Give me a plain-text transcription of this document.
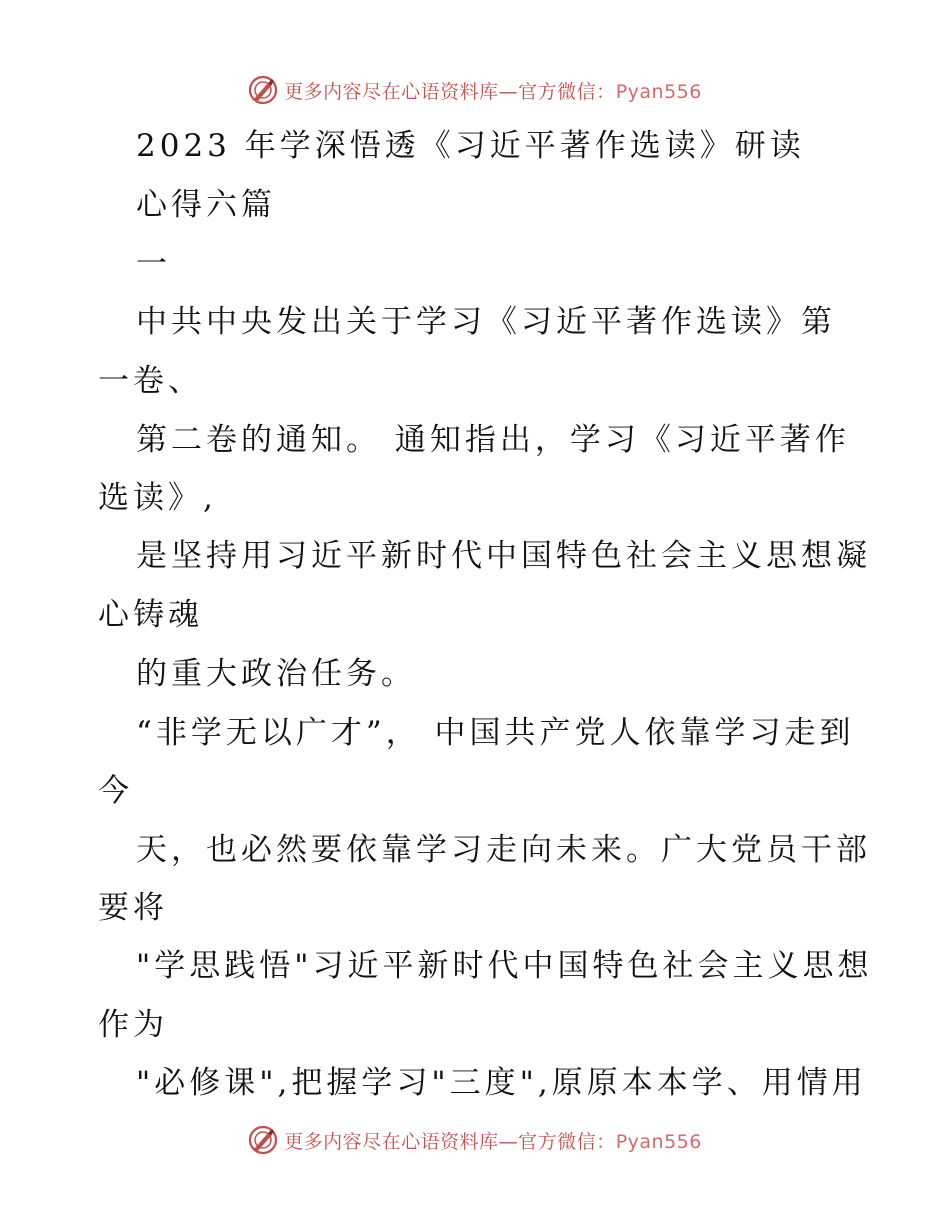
更多内容尽在心语资料库—官方微信：Pyan556
2023 年学深悟透《习近平著作选读》研读
心得六篇
一
中共中央发出关于学习《习近平著作选读》第
一卷、
第二卷的通知。 通知指出，学习《习近平著作
选读》,
是坚持用习近平新时代中国特色社会主义思想凝
心铸魂
的重大政治任务。
“非学无以广才”， 中国共产党人依靠学习走到
今
天，也必然要依靠学习走向未来。广大党员干部
要将
"学思践悟"习近平新时代中国特色社会主义思想
作为
"必修课",把握学习"三度",原原本本学、用情用
更多内容尽在心语资料库—官方微信：Pyan556
